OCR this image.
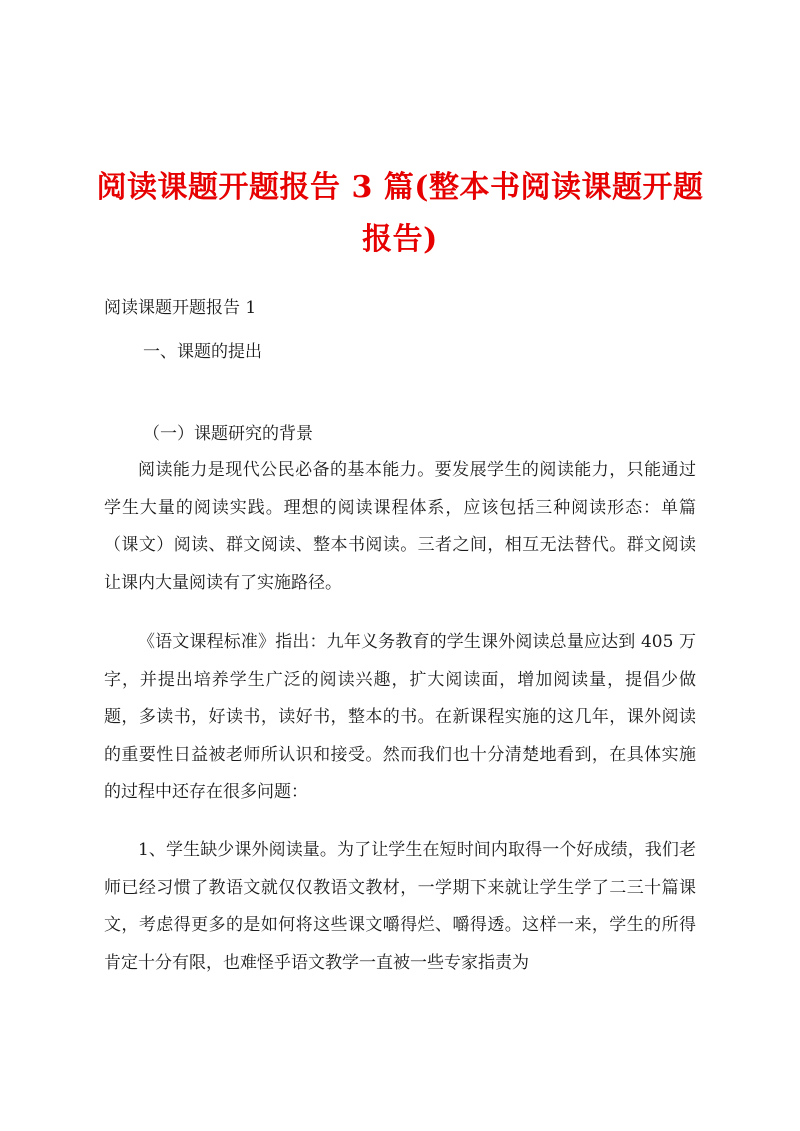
阅读课题开题报告 3 篇(整本书阅读课题开题报告)

阅读课题开题报告 1

一、课题的提出

（一）课题研究的背景

阅读能力是现代公民必备的基本能力。要发展学生的阅读能力，只能通过学生大量的阅读实践。理想的阅读课程体系，应该包括三种阅读形态：单篇（课文）阅读、群文阅读、整本书阅读。三者之间，相互无法替代。群文阅读让课内大量阅读有了实施路径。

《语文课程标准》指出：九年义务教育的学生课外阅读总量应达到 405 万字，并提出培养学生广泛的阅读兴趣，扩大阅读面，增加阅读量，提倡少做题，多读书，好读书，读好书，整本的书。在新课程实施的这几年，课外阅读的重要性日益被老师所认识和接受。然而我们也十分清楚地看到，在具体实施的过程中还存在很多问题：

1、学生缺少课外阅读量。为了让学生在短时间内取得一个好成绩，我们老师已经习惯了教语文就仅仅教语文教材，一学期下来就让学生学了二三十篇课文，考虑得更多的是如何将这些课文嚼得烂、嚼得透。这样一来，学生的所得肯定十分有限，也难怪乎语文教学一直被一些专家指责为
